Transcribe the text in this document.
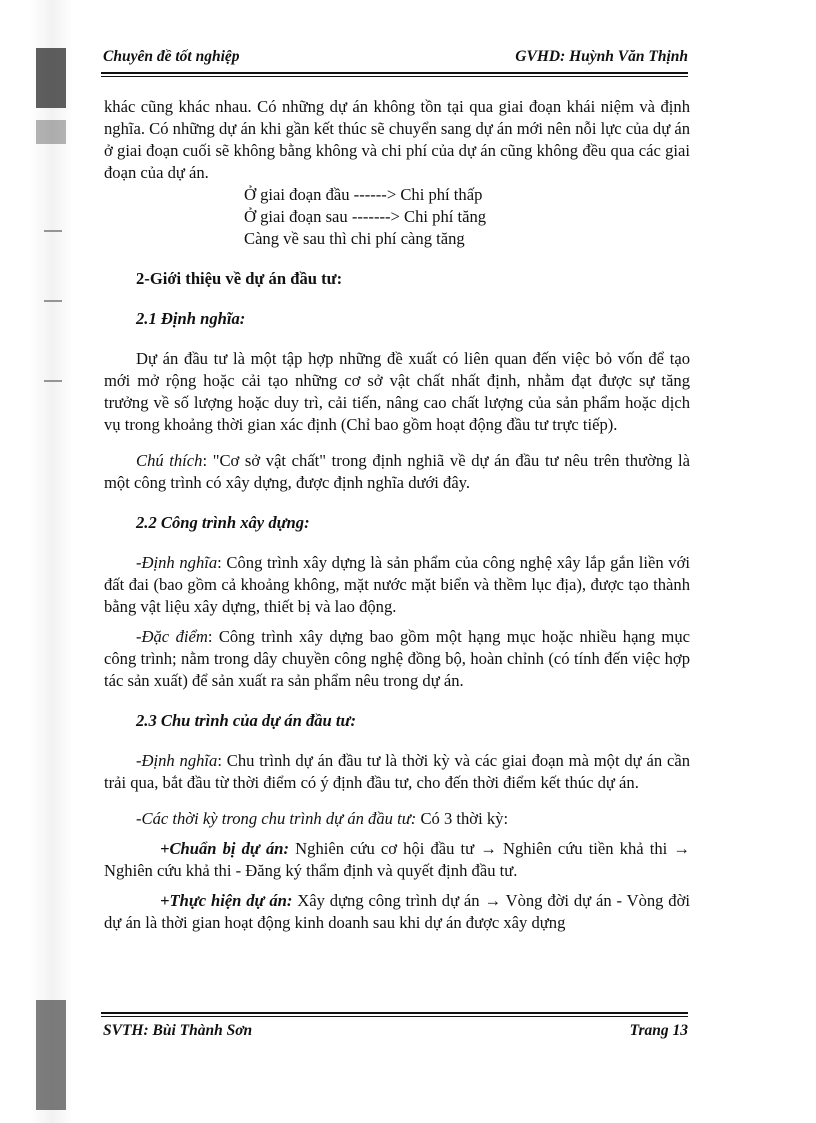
Chuyên đề tốt nghiệp	GVHD: Huỳnh Văn Thịnh

khác cũng khác nhau. Có những dự án không tồn tại qua giai đoạn khái niệm và định nghĩa. Có những dự án khi gần kết thúc sẽ chuyển sang dự án mới nên nỗi lực của dự án ở giai đoạn cuối sẽ không bằng không và chi phí của dự án cũng không đều qua các giai đoạn của dự án.

Ở giai đoạn đầu ------> Chi phí thấp

Ở giai đoạn sau -------> Chi phí tăng

Càng về sau thì chi phí càng tăng

2-Giới thiệu về dự án đầu tư:

2.1 Định nghĩa:

Dự án đầu tư là một tập hợp những đề xuất có liên quan đến việc bỏ vốn để tạo mới mở rộng hoặc cải tạo những cơ sở vật chất nhất định, nhằm đạt được sự tăng trưởng về số lượng hoặc duy trì, cải tiến, nâng cao chất lượng của sản phẩm hoặc dịch vụ trong khoảng thời gian xác định (Chỉ bao gồm hoạt động đầu tư trực tiếp).

Chú thích: "Cơ sở vật chất" trong định nghiã về dự án đầu tư nêu trên thường là một công trình có xây dựng, được định nghĩa dưới đây.

2.2 Công trình xây dựng:

-Định nghĩa: Công trình xây dựng là sản phẩm của công nghệ xây lắp gắn liền với đất đai (bao gồm cả khoảng không, mặt nước mặt biển và thềm lục địa), được tạo thành bằng vật liệu xây dựng, thiết bị và lao động.

-Đặc điểm: Công trình xây dựng bao gồm một hạng mục hoặc nhiều hạng mục công trình; nằm trong dây chuyền công nghệ đồng bộ, hoàn chỉnh (có tính đến việc hợp tác sản xuất) để sản xuất ra sản phẩm nêu trong dự án.

2.3 Chu trình của dự án đầu tư:

-Định nghĩa: Chu trình dự án đầu tư là thời kỳ và các giai đoạn mà một dự án cần trải qua, bắt đầu từ thời điểm có ý định đầu tư, cho đến thời điểm kết thúc dự án.

-Các thời kỳ trong chu trình dự án đầu tư: Có 3 thời kỳ:

+Chuẩn bị dự án: Nghiên cứu cơ hội đầu tư → Nghiên cứu tiền khả thi → Nghiên cứu khả thi - Đăng ký thẩm định và quyết định đầu tư.

+Thực hiện dự án: Xây dựng công trình dự án → Vòng đời dự án - Vòng đời dự án là thời gian hoạt động kinh doanh sau khi dự án được xây dựng

SVTH: Bùi Thành Sơn	Trang 13
